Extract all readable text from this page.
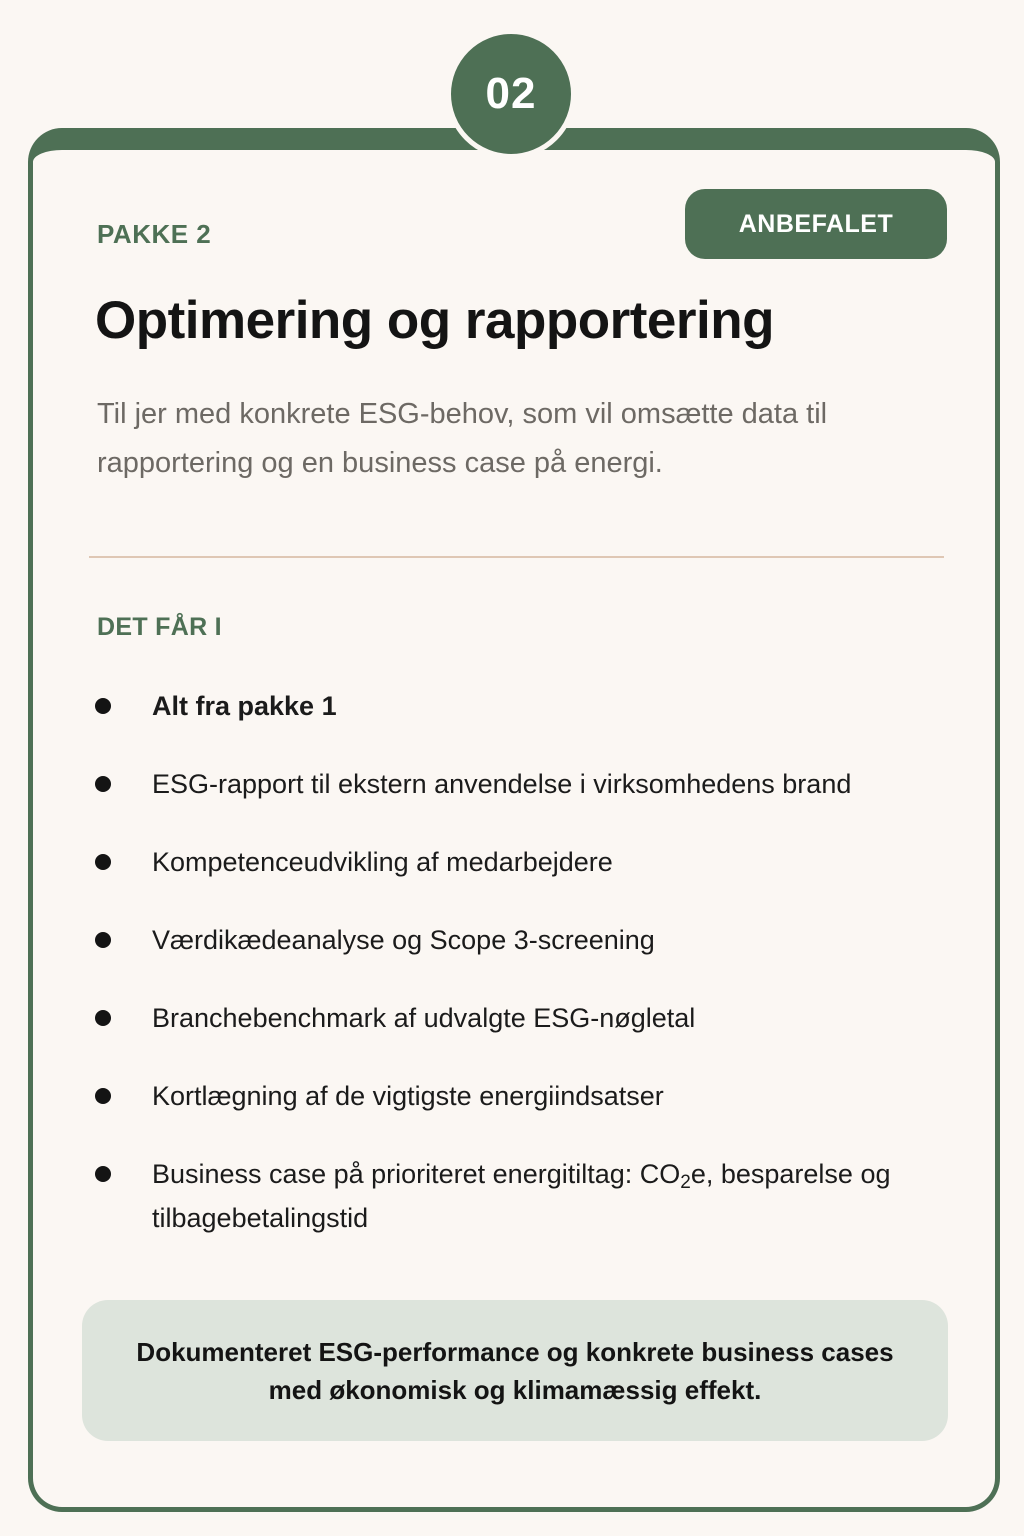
02
PAKKE 2	ANBEFALET
Optimering og rapportering
Til jer med konkrete ESG-behov, som vil omsætte data til rapportering og en business case på energi.
DET FÅR I
Alt fra pakke 1
ESG-rapport til ekstern anvendelse i virksomhedens brand
Kompetenceudvikling af medarbejdere
Værdikædeanalyse og Scope 3-screening
Branchebenchmark af udvalgte ESG-nøgletal
Kortlægning af de vigtigste energiindsatser
Business case på prioriteret energitiltag: $CO_2e$, besparelse og tilbagebetalingstid
Dokumenteret ESG-performance og konkrete business cases med økonomisk og klimamæssig effekt.
